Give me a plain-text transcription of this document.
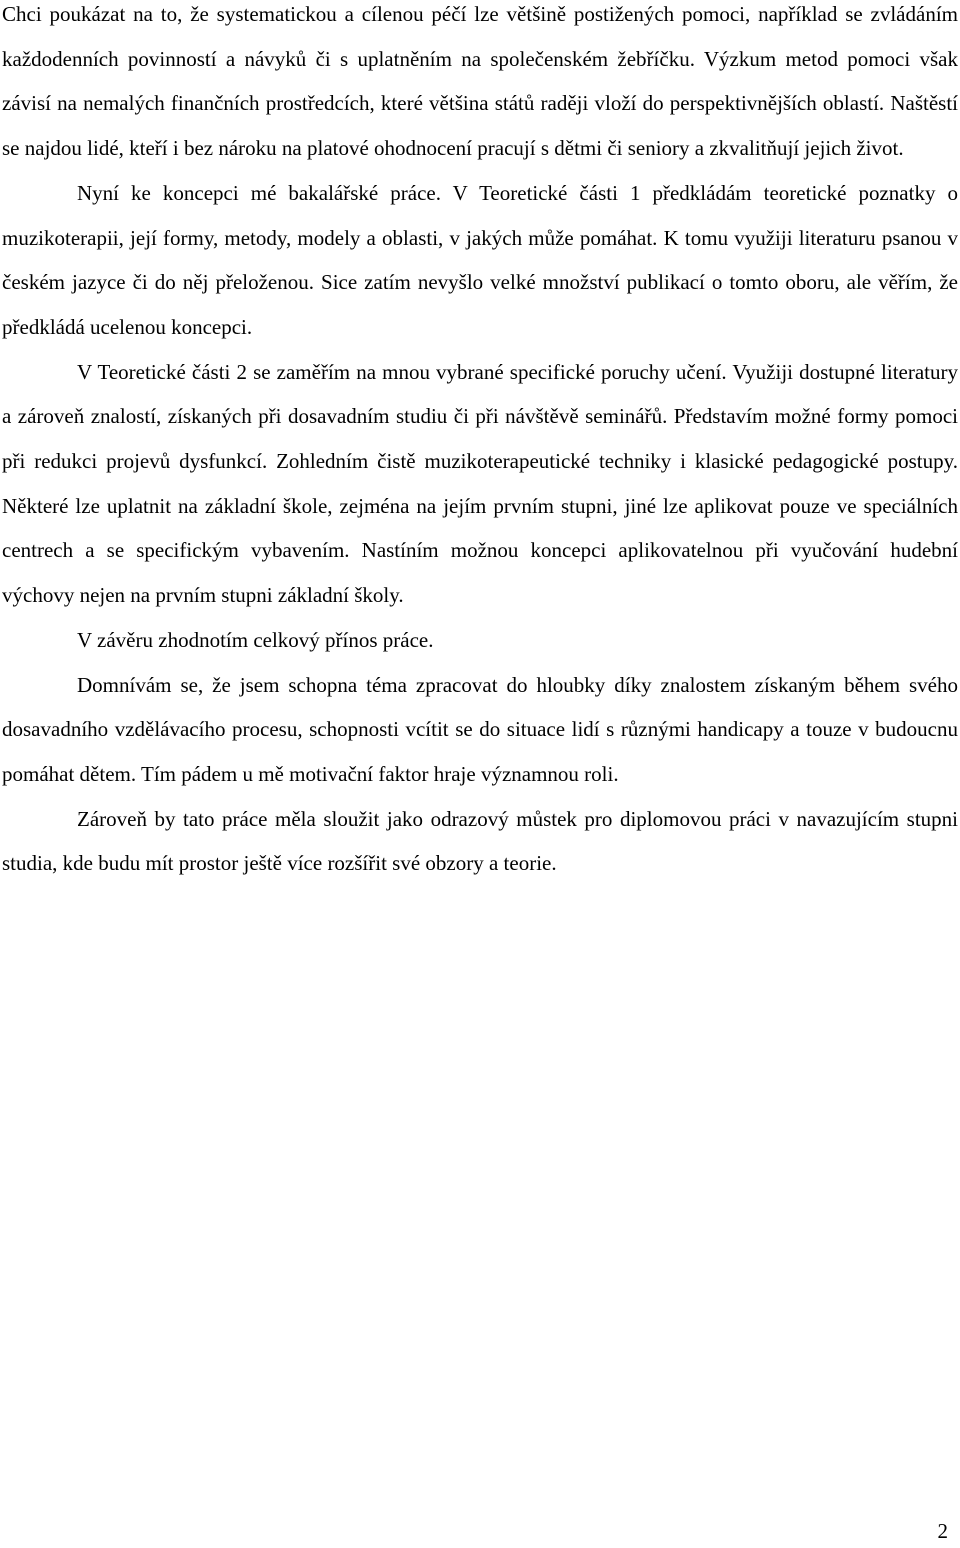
Chci poukázat na to, že systematickou a cílenou péčí lze většině postižených pomoci, například se zvládáním každodenních povinností a návyků či s uplatněním na společenském žebříčku. Výzkum metod pomoci však závisí na nemalých finančních prostředcích, které většina států raději vloží do perspektivnějších oblastí. Naštěstí se najdou lidé, kteří i bez nároku na platové ohodnocení pracují s dětmi či seniory a zkvalitňují jejich život.

Nyní ke koncepci mé bakalářské práce. V Teoretické části 1 předkládám teoretické poznatky o muzikoterapii, její formy, metody, modely a oblasti, v jakých může pomáhat. K tomu využiji literaturu psanou v českém jazyce či do něj přeloženou. Sice zatím nevyšlo velké množství publikací o tomto oboru, ale věřím, že předkládá ucelenou koncepci.

V Teoretické části 2 se zaměřím na mnou vybrané specifické poruchy učení. Využiji dostupné literatury a zároveň znalostí, získaných při dosavadním studiu či při návštěvě seminářů. Představím možné formy pomoci při redukci projevů dysfunkcí. Zohledním čistě muzikoterapeutické techniky i klasické pedagogické postupy. Některé lze uplatnit na základní škole, zejména na jejím prvním stupni, jiné lze aplikovat pouze ve speciálních centrech a se specifickým vybavením. Nastíním možnou koncepci aplikovatelnou při vyučování hudební výchovy nejen na prvním stupni základní školy.

V závěru zhodnotím celkový přínos práce.

Domnívám se, že jsem schopna téma zpracovat do hloubky díky znalostem získaným během svého dosavadního vzdělávacího procesu, schopnosti vcítit se do situace lidí s různými handicapy a touze v budoucnu pomáhat dětem. Tím pádem u mě motivační faktor hraje významnou roli.

Zároveň by tato práce měla sloužit jako odrazový můstek pro diplomovou práci v navazujícím stupni studia, kde budu mít prostor ještě více rozšířit své obzory a teorie.

2
